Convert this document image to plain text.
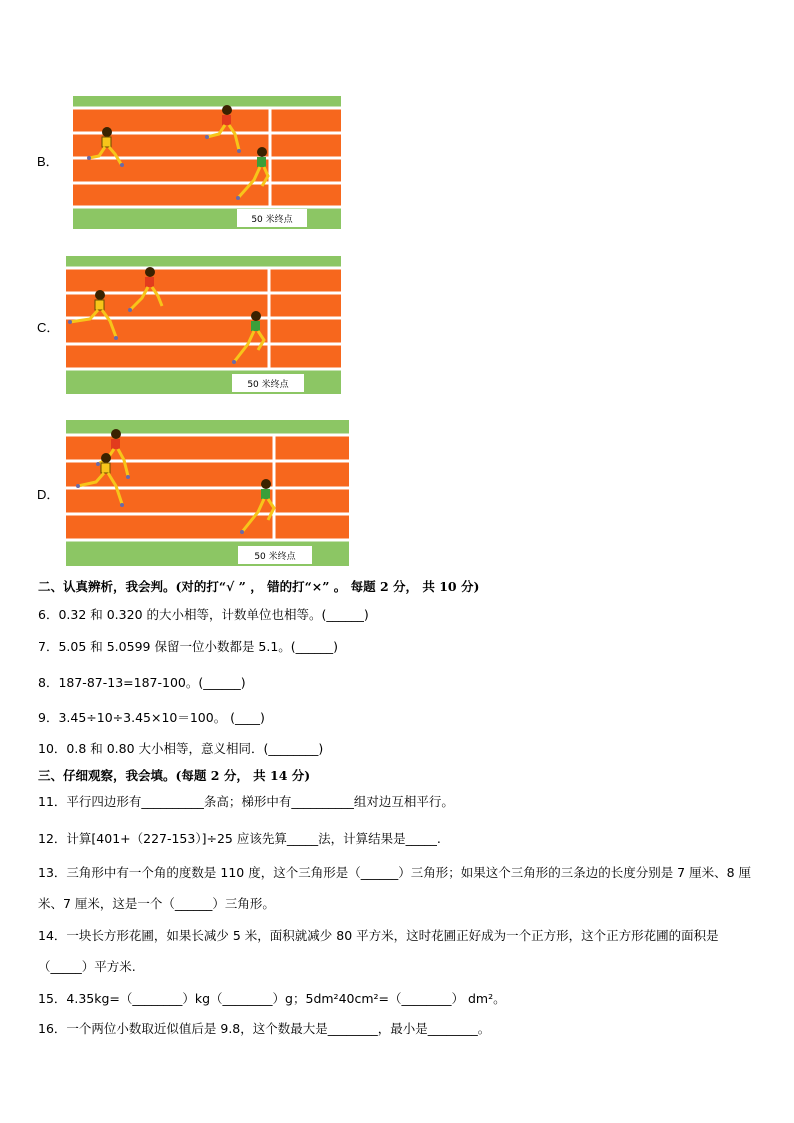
B．
50 米终点
C．
50 米终点
D．
50 米终点
二、认真辨析，我会判。(对的打“√ ” ， 错的打“×” 。 每题 2 分， 共 10 分)
6．0.32 和 0.320 的大小相等，计数单位也相等。(______)
7．5.05 和 5.0599 保留一位小数都是 5.1。(______)
8．187-87-13=187-100。(______)
9．3.45÷10÷3.45×10＝100。 (____)
10．0.8 和 0.80 大小相等，意义相同．(________)
三、仔细观察，我会填。(每题 2 分， 共 14 分)
11．平行四边形有__________条高；梯形中有__________组对边互相平行。
12．计算[401+（227-153）]÷25 应该先算_____法，计算结果是_____.
13．三角形中有一个角的度数是 110 度，这个三角形是（______）三角形；如果这个三角形的三条边的长度分别是 7 厘米、8 厘米、7 厘米，这是一个（______）三角形。
14．一块长方形花圃，如果长减少 5 米，面积就减少 80 平方米，这时花圃正好成为一个正方形，这个正方形花圃的面积是（_____）平方米.
15．4.35kg=（________）kg（________）g；5dm²40cm²=（________） dm²。
16．一个两位小数取近似值后是 9.8，这个数最大是________，最小是________。
